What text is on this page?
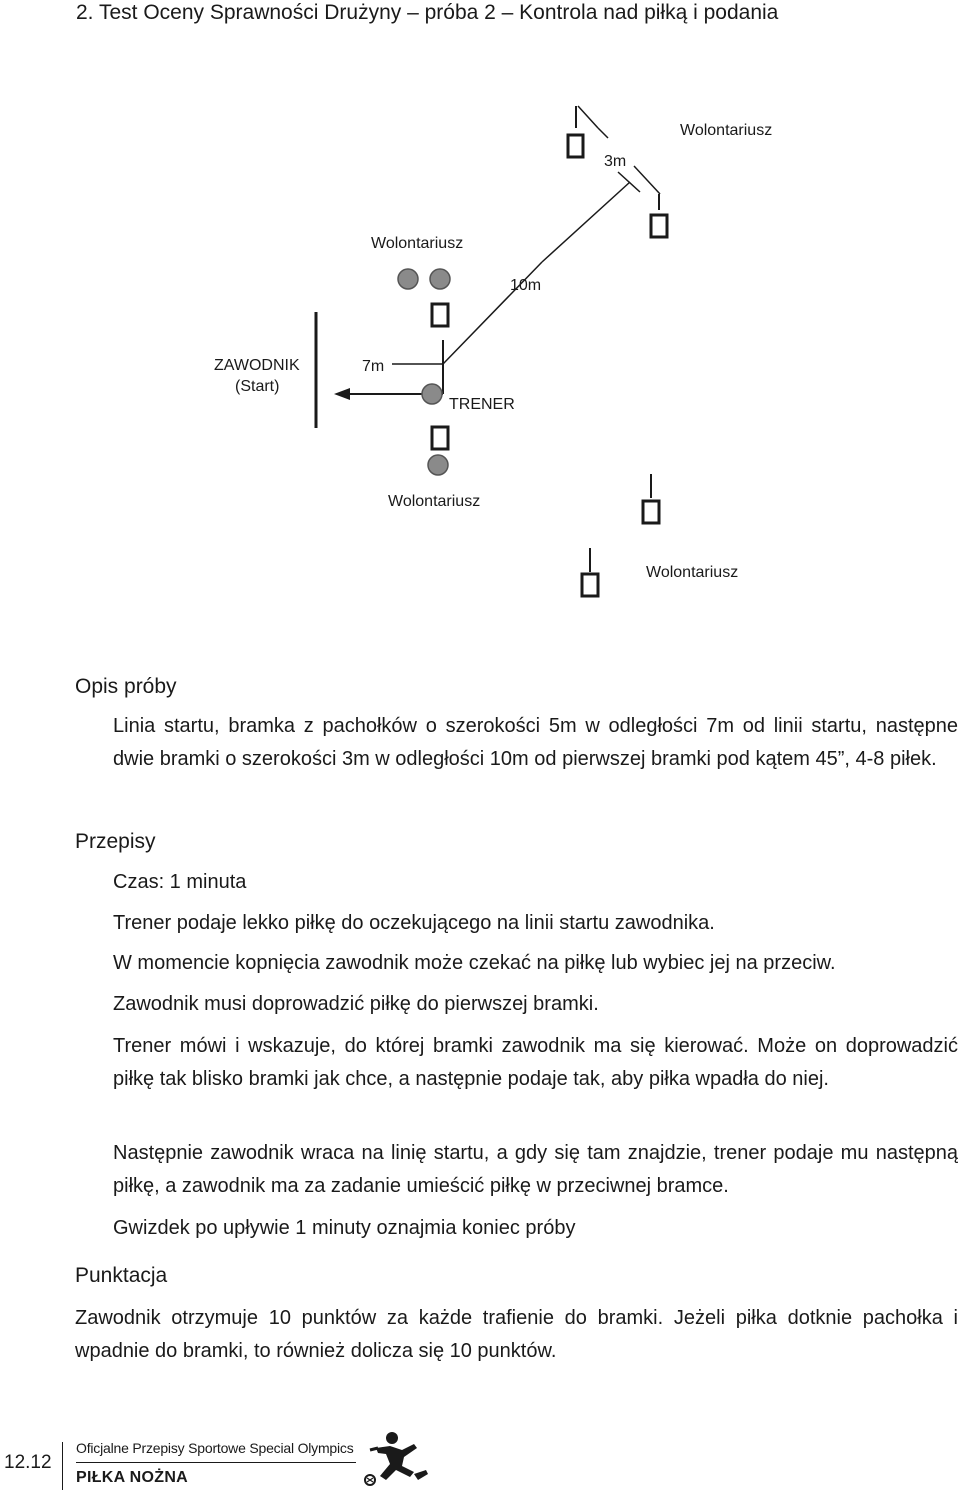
2. Test Oceny Sprawności Drużyny – próba 2 – Kontrola nad piłką i podania
Wolontariusz
3m
Wolontariusz
10m
ZAWODNIK
(Start)
7m
TRENER
Wolontariusz
Wolontariusz
Opis próby
Linia startu, bramka z pachołków o szerokości 5m w odległości 7m od linii startu, następne dwie bramki o szerokości 3m w odległości 10m od pierwszej bramki pod kątem 45”, 4-8 piłek.
Przepisy
Czas: 1 minuta
Trener podaje lekko piłkę do oczekującego na linii startu zawodnika.
W momencie kopnięcia zawodnik może czekać na piłkę lub wybiec jej na przeciw.
Zawodnik musi doprowadzić piłkę do pierwszej bramki.
Trener mówi i wskazuje, do której bramki zawodnik ma się kierować. Może on doprowadzić piłkę tak blisko bramki jak chce, a następnie podaje tak, aby piłka wpadła do niej.
Następnie zawodnik wraca na linię startu, a gdy się tam znajdzie, trener podaje mu następną piłkę, a zawodnik ma za zadanie umieścić piłkę w przeciwnej bramce.
Gwizdek po upływie 1 minuty oznajmia koniec próby
Punktacja
Zawodnik otrzymuje 10 punktów za każde trafienie do bramki. Jeżeli piłka dotknie pachołka i wpadnie do bramki, to również dolicza się 10 punktów.
12.12
Oficjalne Przepisy Sportowe Special Olympics
PIŁKA NOŻNA
